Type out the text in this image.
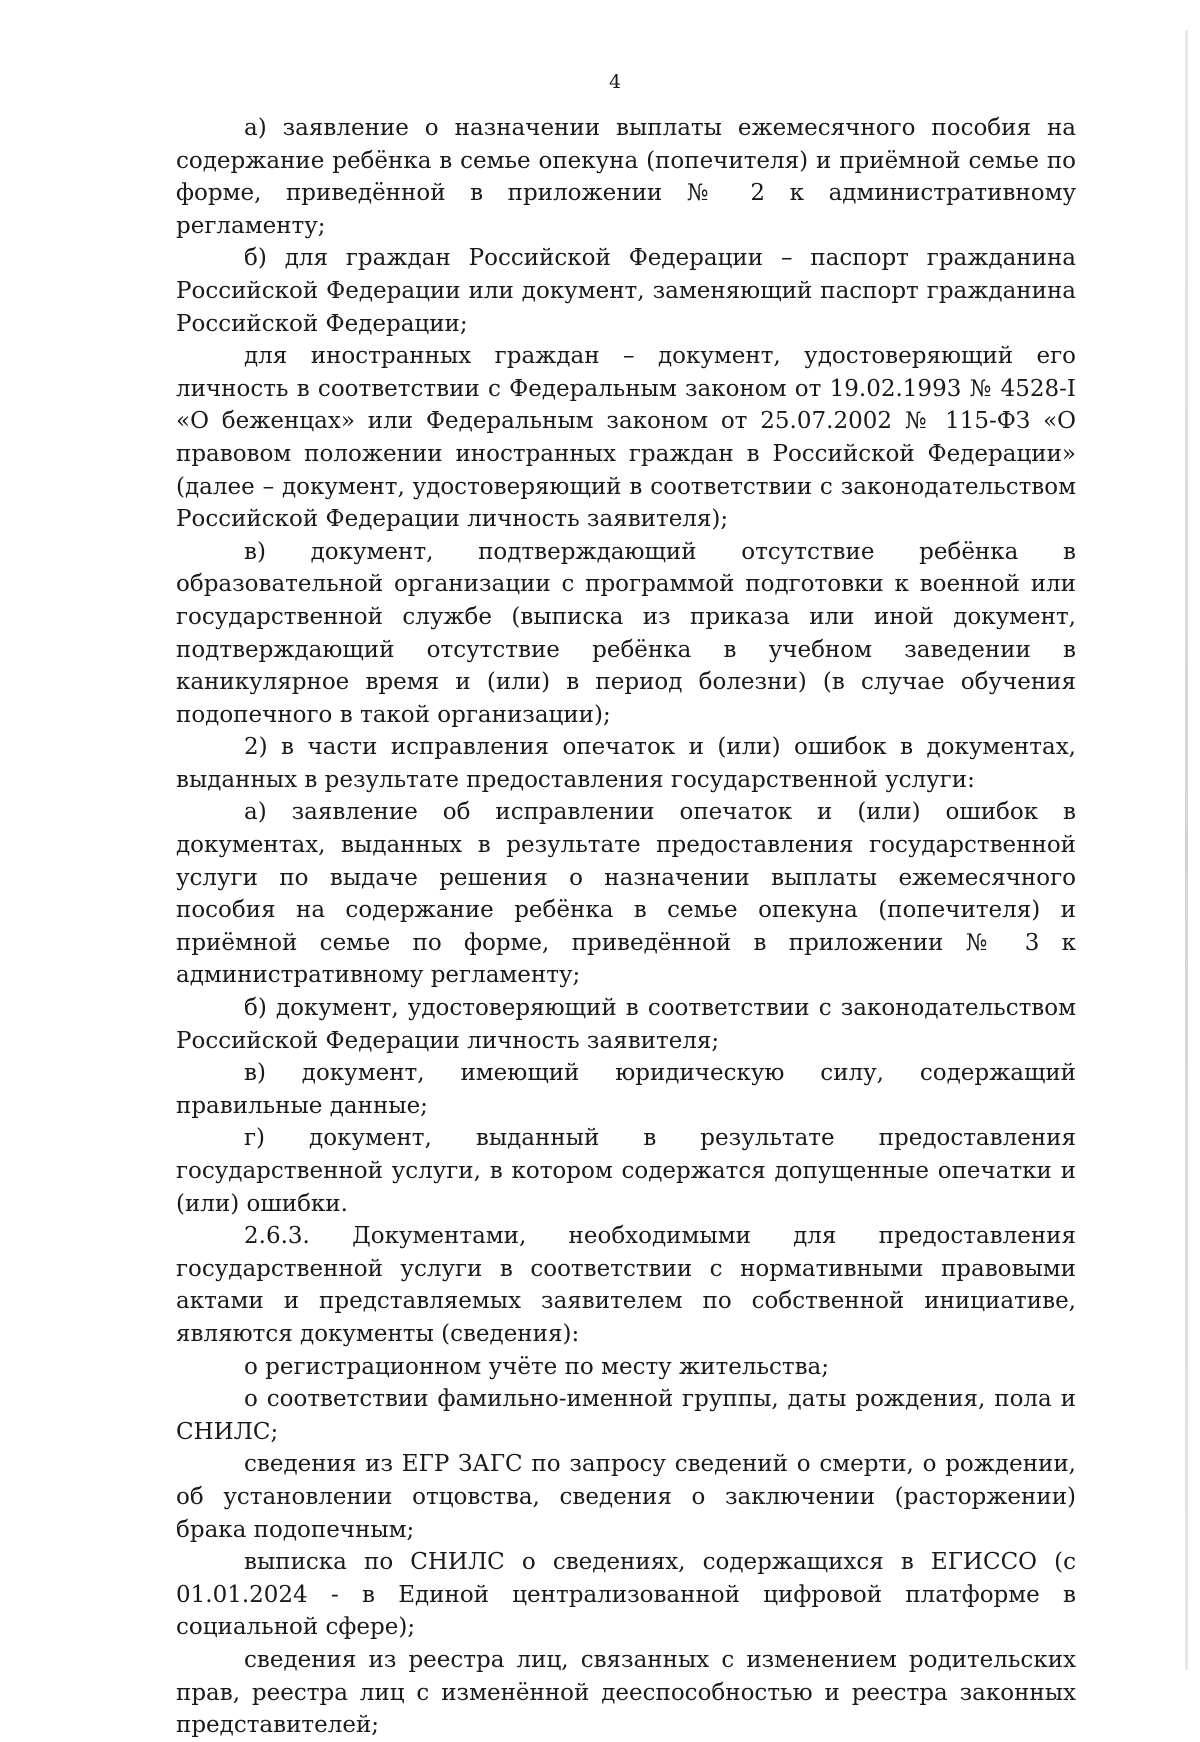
4

а) заявление о назначении выплаты ежемесячного пособия на содержание ребёнка в семье опекуна (попечителя) и приёмной семье по форме, приведённой в приложении № 2 к административному регламенту;

б) для граждан Российской Федерации – паспорт гражданина Российской Федерации или документ, заменяющий паспорт гражданина Российской Федерации;

для иностранных граждан – документ, удостоверяющий его личность в соответствии с Федеральным законом от 19.02.1993 № 4528-I «О беженцах» или Федеральным законом от 25.07.2002 № 115-ФЗ «О правовом положении иностранных граждан в Российской Федерации» (далее – документ, удостоверяющий в соответствии с законодательством Российской Федерации личность заявителя);

в) документ, подтверждающий отсутствие ребёнка в образовательной организации с программой подготовки к военной или государственной службе (выписка из приказа или иной документ, подтверждающий отсутствие ребёнка в учебном заведении в каникулярное время и (или) в период болезни) (в случае обучения подопечного в такой организации);

2) в части исправления опечаток и (или) ошибок в документах, выданных в результате предоставления государственной услуги:

а) заявление об исправлении опечаток и (или) ошибок в документах, выданных в результате предоставления государственной услуги по выдаче решения о назначении выплаты ежемесячного пособия на содержание ребёнка в семье опекуна (попечителя) и приёмной семье по форме, приведённой в приложении № 3 к административному регламенту;

б) документ, удостоверяющий в соответствии с законодательством Российской Федерации личность заявителя;

в) документ, имеющий юридическую силу, содержащий правильные данные;

г) документ, выданный в результате предоставления государственной услуги, в котором содержатся допущенные опечатки и (или) ошибки.

2.6.3. Документами, необходимыми для предоставления государственной услуги в соответствии с нормативными правовыми актами и представляемых заявителем по собственной инициативе, являются документы (сведения):

о регистрационном учёте по месту жительства;

о соответствии фамильно-именной группы, даты рождения, пола и СНИЛС;

сведения из ЕГР ЗАГС по запросу сведений о смерти, о рождении, об установлении отцовства, сведения о заключении (расторжении) брака подопечным;

выписка по СНИЛС о сведениях, содержащихся в ЕГИССО (с 01.01.2024 - в Единой централизованной цифровой платформе в социальной сфере);

сведения из реестра лиц, связанных с изменением родительских прав, реестра лиц с изменённой дееспособностью и реестра законных представителей;
